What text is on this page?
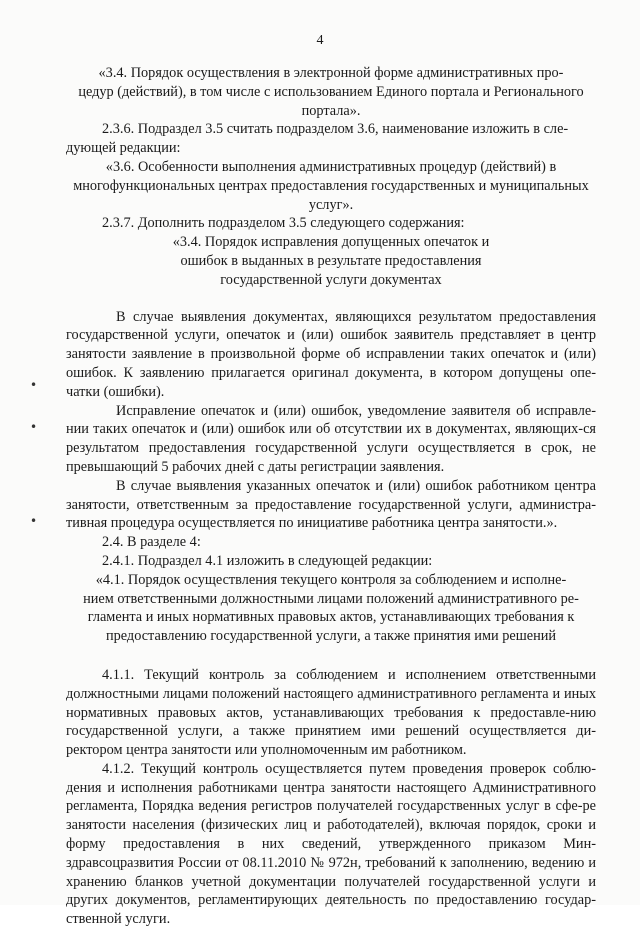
4
•
•
•

«3.4. Порядок осуществления в электронной форме административных про-

цедур (действий), в том числе с использованием Единого портала и Регионального

портала».

2.3.6. Подраздел 3.5 считать подразделом 3.6, наименование изложить в сле-

дующей редакции:

«3.6. Особенности выполнения административных процедур (действий) в

многофункциональных центрах предоставления государственных и муниципальных

услуг».

2.3.7. Дополнить подразделом 3.5 следующего содержания:

«3.4. Порядок исправления допущенных опечаток и

ошибок в выданных в результате предоставления

государственной услуги документах

В случае выявления документах, являющихся результатом предоставления государственной услуги, опечаток и (или) ошибок заявитель представляет в центр занятости заявление в произвольной форме об исправлении таких опечаток и (или) ошибок. К заявлению прилагается оригинал документа, в котором допущены опе-чатки (ошибки).

Исправление опечаток и (или) ошибок, уведомление заявителя об исправле-нии таких опечаток и (или) ошибок или об отсутствии их в документах, являющих-ся результатом предоставления государственной услуги осуществляется в срок, не превышающий 5 рабочих дней с даты регистрации заявления.

В случае выявления указанных опечаток и (или) ошибок работником центра занятости, ответственным за предоставление государственной услуги, администра-тивная процедура осуществляется по инициативе работника центра занятости.».

2.4. В разделе 4:

2.4.1. Подраздел 4.1 изложить в следующей редакции:

«4.1. Порядок осуществления текущего контроля за соблюдением и исполне-

нием ответственными должностными лицами положений административного ре-

гламента и иных нормативных правовых актов, устанавливающих требования к

предоставлению государственной услуги, а также принятия ими решений

4.1.1. Текущий контроль за соблюдением и исполнением ответственными должностными лицами положений настоящего административного регламента и иных нормативных правовых актов, устанавливающих требования к предоставле-нию государственной услуги, а также принятием ими решений осуществляется ди-ректором центра занятости или уполномоченным им работником.

4.1.2. Текущий контроль осуществляется путем проведения проверок соблю-дения и исполнения работниками центра занятости настоящего Административного регламента, Порядка ведения регистров получателей государственных услуг в сфе-ре занятости населения (физических лиц и работодателей), включая порядок, сроки и форму предоставления в них сведений, утвержденного приказом Мин-здравсоцразвития России от 08.11.2010 № 972н, требований к заполнению, ведению и хранению бланков учетной документации получателей государственной услуги и других документов, регламентирующих деятельность по предоставлению государ-ственной услуги.
